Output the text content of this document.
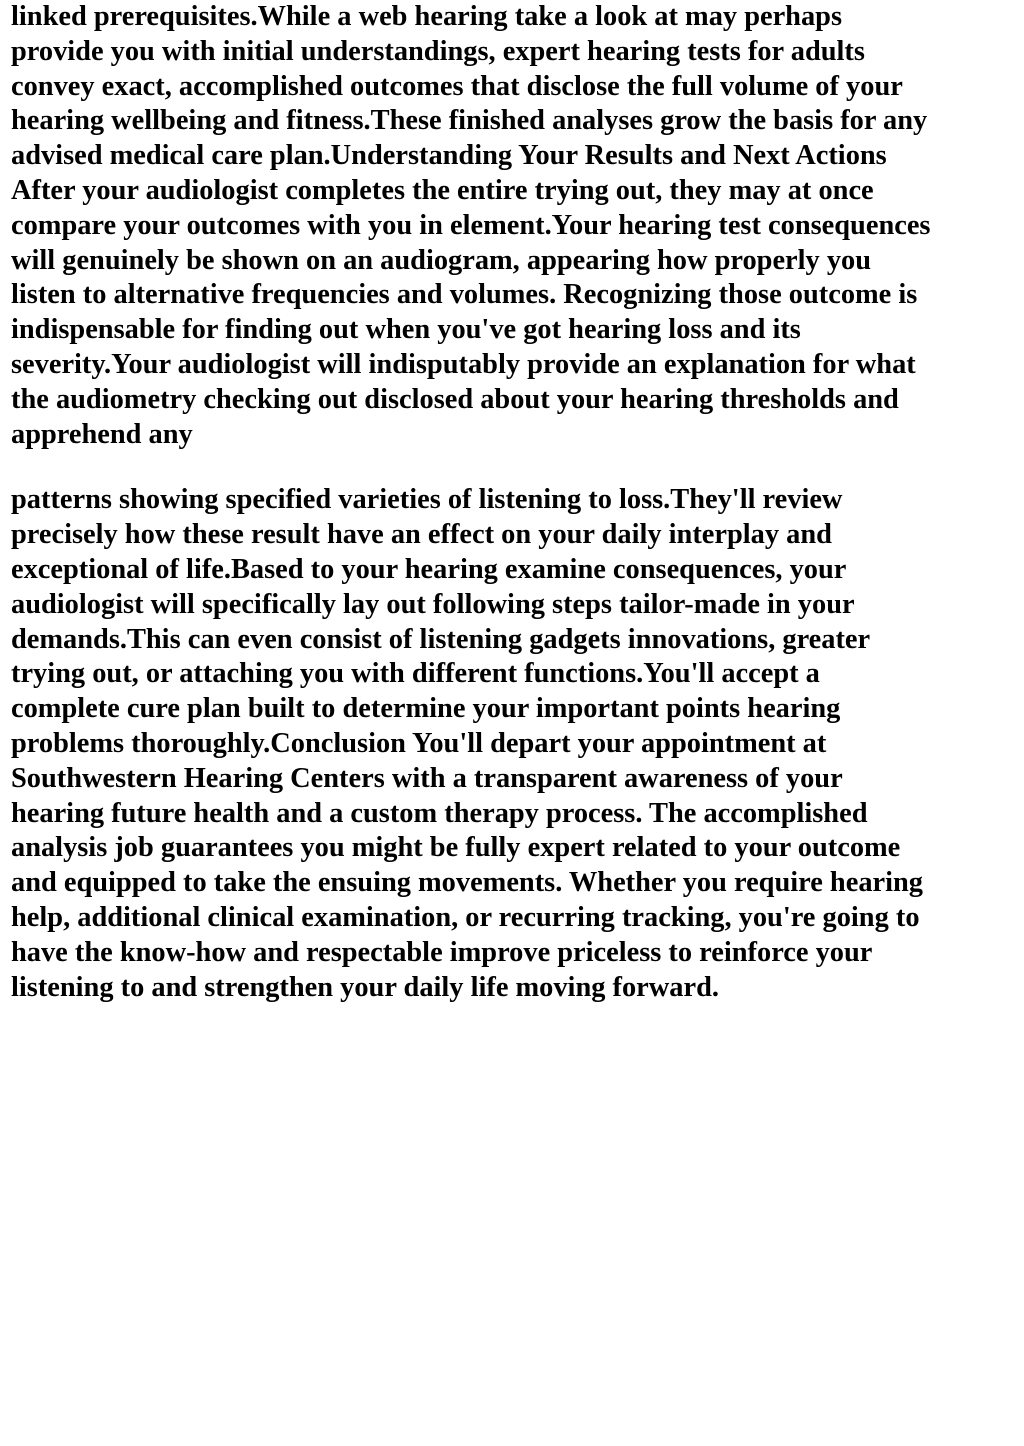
linked prerequisites.While a web hearing take a look at may perhaps
provide you with initial understandings, expert hearing tests for adults
convey exact, accomplished outcomes that disclose the full volume of your
hearing wellbeing and fitness.These finished analyses grow the basis for any
advised medical care plan.Understanding Your Results and Next Actions
After your audiologist completes the entire trying out, they may at once
compare your outcomes with you in element.Your hearing test consequences
will genuinely be shown on an audiogram, appearing how properly you
listen to alternative frequencies and volumes. Recognizing those outcome is
indispensable for finding out when you've got hearing loss and its
severity.Your audiologist will indisputably provide an explanation for what
the audiometry checking out disclosed about your hearing thresholds and
apprehend any

patterns showing specified varieties of listening to loss.They'll review
precisely how these result have an effect on your daily interplay and
exceptional of life.Based to your hearing examine consequences, your
audiologist will specifically lay out following steps tailor-made in your
demands.This can even consist of listening gadgets innovations, greater
trying out, or attaching you with different functions.You'll accept a
complete cure plan built to determine your important points hearing
problems thoroughly.Conclusion You'll depart your appointment at
Southwestern Hearing Centers with a transparent awareness of your
hearing future health and a custom therapy process. The accomplished
analysis job guarantees you might be fully expert related to your outcome
and equipped to take the ensuing movements. Whether you require hearing
help, additional clinical examination, or recurring tracking, you're going to
have the know-how and respectable improve priceless to reinforce your
listening to and strengthen your daily life moving forward.
